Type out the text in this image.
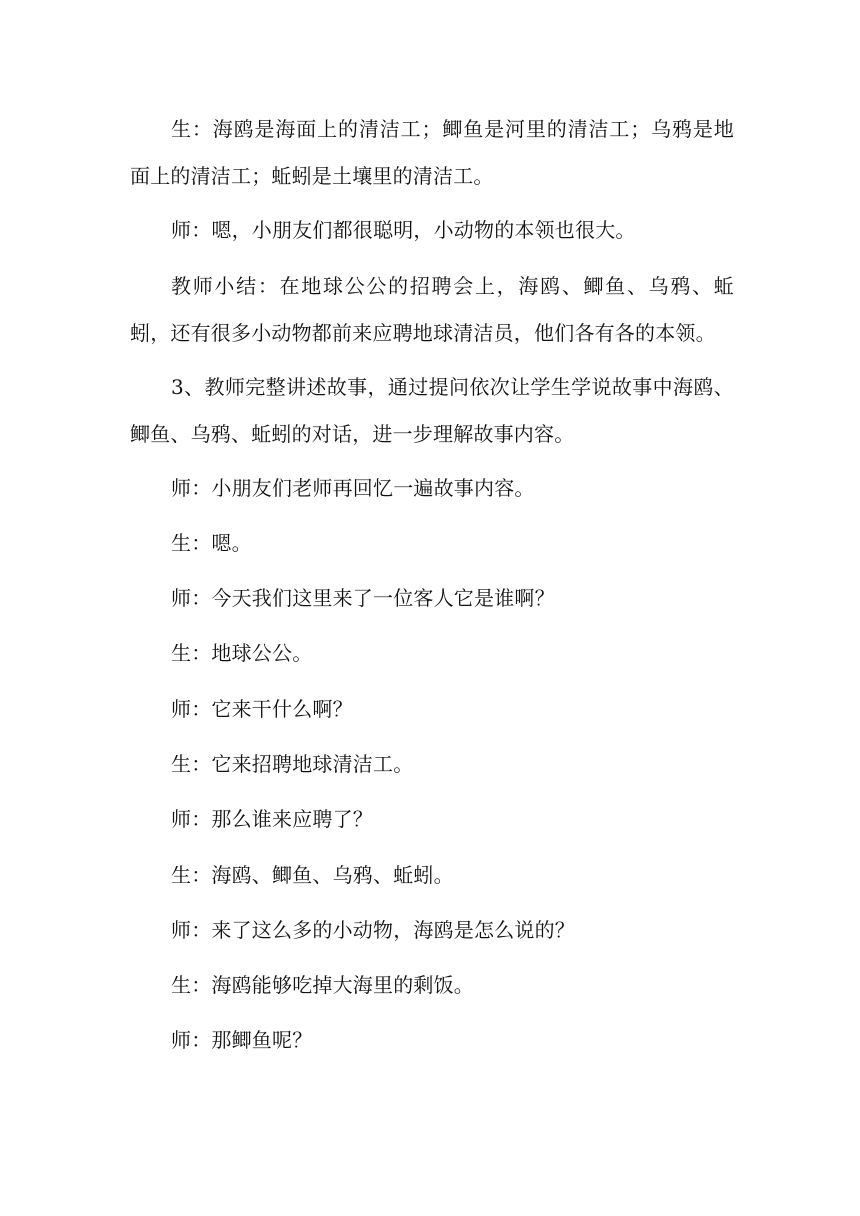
生：海鸥是海面上的清洁工；鲫鱼是河里的清洁工；乌鸦是地面上的清洁工；蚯蚓是土壤里的清洁工。

师：嗯，小朋友们都很聪明，小动物的本领也很大。

教师小结：在地球公公的招聘会上，海鸥、鲫鱼、乌鸦、蚯蚓，还有很多小动物都前来应聘地球清洁员，他们各有各的本领。

3、教师完整讲述故事，通过提问依次让学生学说故事中海鸥、鲫鱼、乌鸦、蚯蚓的对话，进一步理解故事内容。

师：小朋友们老师再回忆一遍故事内容。

生：嗯。

师：今天我们这里来了一位客人它是谁啊？

生：地球公公。

师：它来干什么啊？

生：它来招聘地球清洁工。

师：那么谁来应聘了？

生：海鸥、鲫鱼、乌鸦、蚯蚓。

师：来了这么多的小动物，海鸥是怎么说的？

生：海鸥能够吃掉大海里的剩饭。

师：那鲫鱼呢？
